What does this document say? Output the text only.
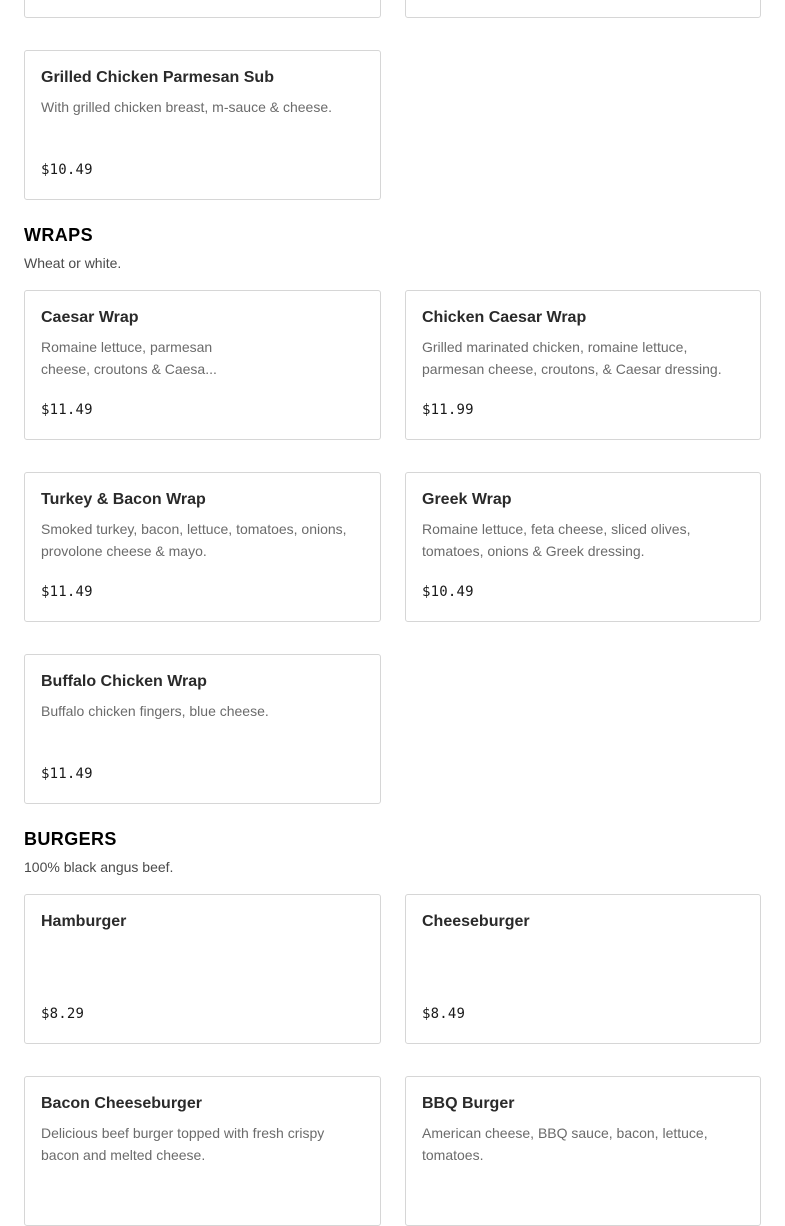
Grilled Chicken Parmesan Sub
With grilled chicken breast, m-sauce & cheese.
$10.49
WRAPS
Wheat or white.
Caesar Wrap
Romaine lettuce, parmesan cheese, croutons & Caesa...
$11.49
Chicken Caesar Wrap
Grilled marinated chicken, romaine lettuce, parmesan cheese, croutons, & Caesar dressing.
$11.99
Turkey & Bacon Wrap
Smoked turkey, bacon, lettuce, tomatoes, onions, provolone cheese & mayo.
$11.49
Greek Wrap
Romaine lettuce, feta cheese, sliced olives, tomatoes, onions & Greek dressing.
$10.49
Buffalo Chicken Wrap
Buffalo chicken fingers, blue cheese.
$11.49
BURGERS
100% black angus beef.
Hamburger
$8.29
Cheeseburger
$8.49
Bacon Cheeseburger
Delicious beef burger topped with fresh crispy bacon and melted cheese.
BBQ Burger
American cheese, BBQ sauce, bacon, lettuce, tomatoes.
